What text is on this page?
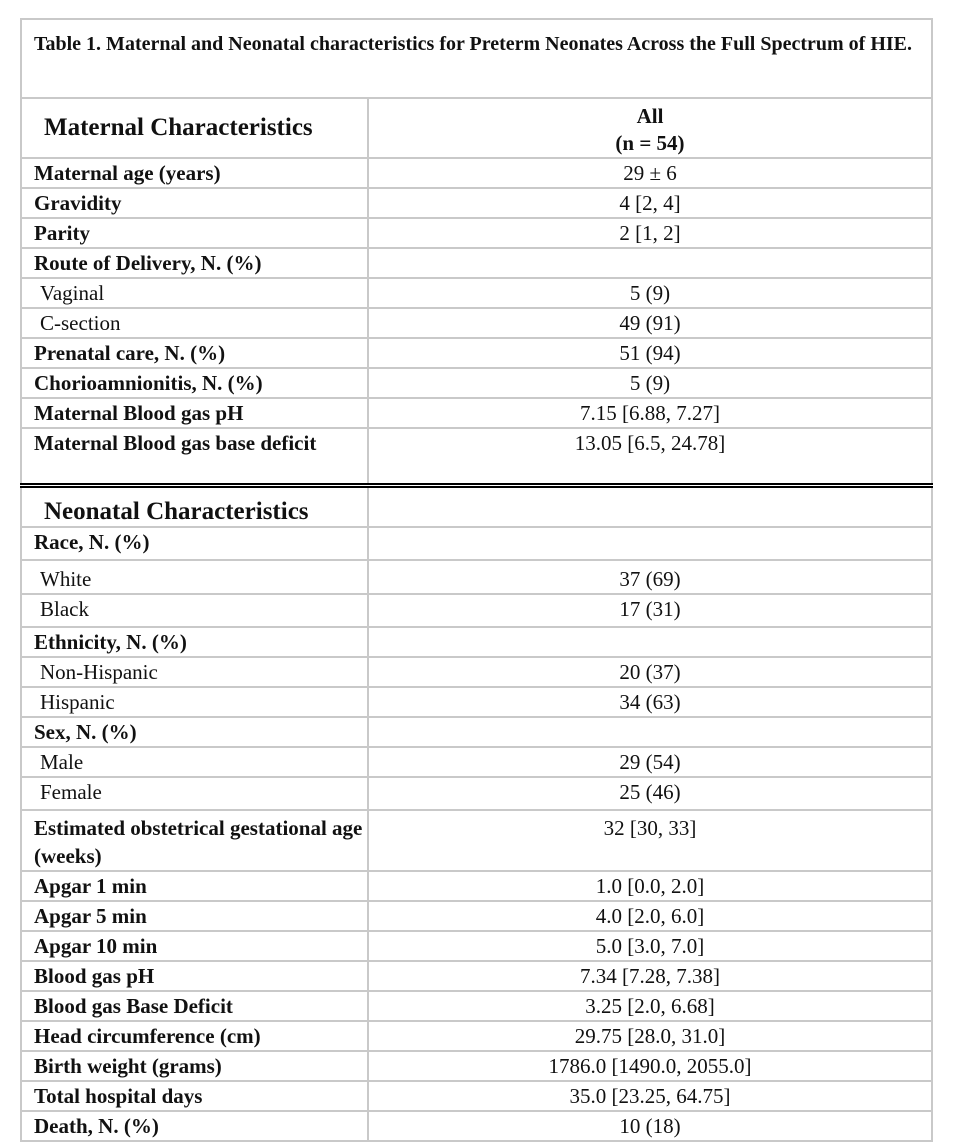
Table 1. Maternal and Neonatal characteristics for Preterm Neonates Across the Full Spectrum of HIE.
Maternal Characteristics	All
(n = 54)

Maternal age (years)	29 ± 6
Gravidity	4 [2, 4]
Parity	2 [1, 2]
Route of Delivery, N. (%)	
Vaginal	5 (9)
C-section	49 (91)
Prenatal care, N. (%)	51 (94)
Chorioamnionitis, N. (%)	5 (9)
Maternal Blood gas pH	7.15 [6.88, 7.27]
Maternal Blood gas base deficit	13.05 [6.5, 24.78]
Neonatal Characteristics	
Race, N. (%)	
White	37 (69)
Black	17 (31)
Ethnicity, N. (%)	
Non-Hispanic	20 (37)
Hispanic	34 (63)
Sex, N. (%)	
Male	29 (54)
Female	25 (46)
Estimated obstetrical gestational age (weeks)	32 [30, 33]
Apgar 1 min	1.0 [0.0, 2.0]
Apgar 5 min	4.0 [2.0, 6.0]
Apgar 10 min	5.0 [3.0, 7.0]
Blood gas pH	7.34 [7.28, 7.38]
Blood gas Base Deficit	3.25 [2.0, 6.68]
Head circumference (cm)	29.75 [28.0, 31.0]
Birth weight (grams)	1786.0 [1490.0, 2055.0]
Total hospital days	35.0 [23.25, 64.75]
Death, N. (%)	10 (18)
